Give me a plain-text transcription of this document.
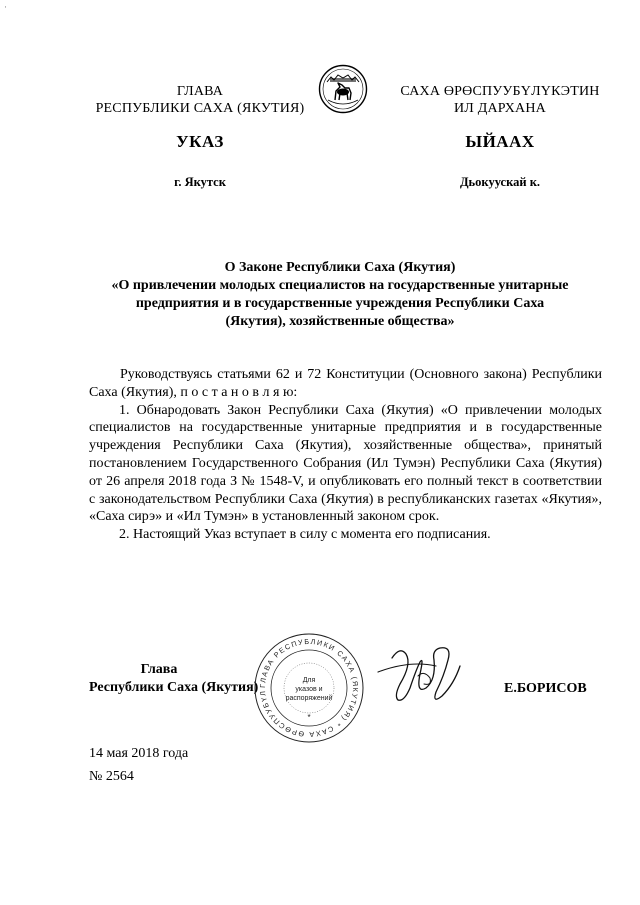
·
ГЛАВА
РЕСПУБЛИКИ САХА (ЯКУТИЯ)
САХА ӨРӨСПУУБҮЛҮКЭТИН
ИЛ ДАРХАНА
УКАЗ	ЫЙААХ
г. Якутск	Дьокуускай к.
О Законе Республики Саха (Якутия)
«О привлечении молодых специалистов на государственные унитарные
предприятия и в государственные учреждения Республики Саха
(Якутия), хозяйственные общества»

Руководствуясь статьями 62 и 72 Конституции (Основного закона) Республики Саха (Якутия), п о с т а н о в л я ю:

1. Обнародовать Закон Республики Саха (Якутия) «О привлечении молодых специалистов на государственные унитарные предприятия и в государственные учреждения Республики Саха (Якутия), хозяйственные общества», принятый постановлением Государственного Собрания (Ил Тумэн) Республики Саха (Якутия) от 26 апреля 2018 года З № 1548-V, и опубликовать его полный текст в соответствии с законодательством Республики Саха (Якутия) в республиканских газетах «Якутия», «Саха сирэ» и «Ил Тумэн» в установленный законом срок.

2. Настоящий Указ вступает в силу с момента его подписания.

Глава
Республики Саха (Якутия) ГЛАВА РЕСПУБЛИКИ САХА (ЯКУТИЯ) * САХА ӨРӨСПУУБҮЛ
Для
указов и
распоряжений
*
Е.БОРИСОВ
14 мая 2018 года
№ 2564
